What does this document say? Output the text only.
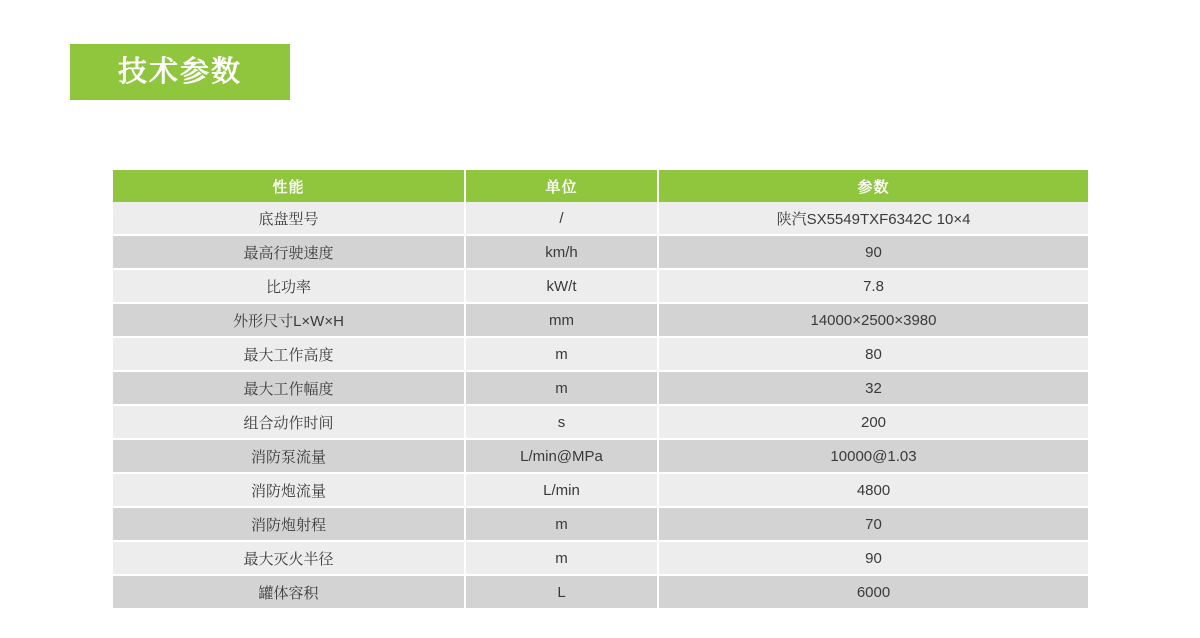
技术参数
性能	单位	参数
底盘型号	/	陕汽SX5549TXF6342C 10×4
最高行驶速度	km/h	90
比功率	kW/t	7.8
外形尺寸L×W×H	mm	14000×2500×3980
最大工作高度	m	80
最大工作幅度	m	32
组合动作时间	s	200
消防泵流量	L/min@MPa	10000@1.03
消防炮流量	L/min	4800
消防炮射程	m	70
最大灭火半径	m	90
罐体容积	L	6000
